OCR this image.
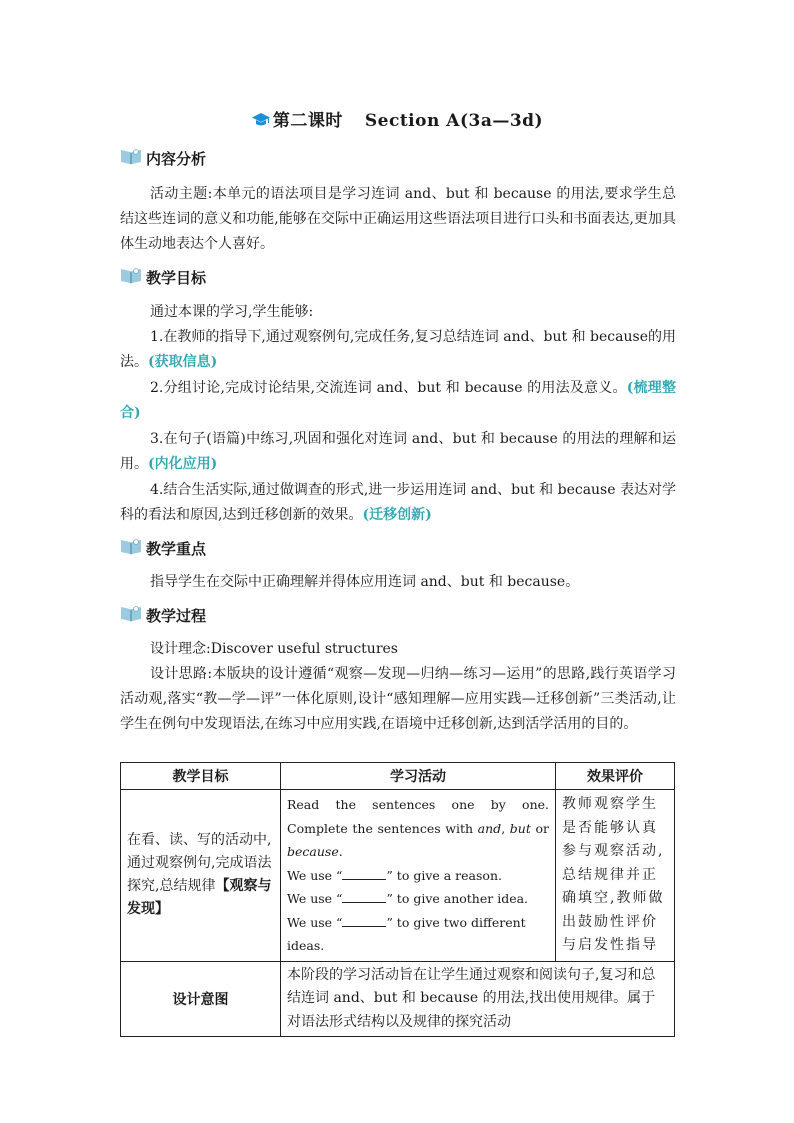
第二课时 Section A(3a—3d)
内容分析

活动主题:本单元的语法项目是学习连词 and、but 和 because 的用法,要求学生总结这些连词的意义和功能,能够在交际中正确运用这些语法项目进行口头和书面表达,更加具体生动地表达个人喜好。

教学目标

通过本课的学习,学生能够:

1.在教师的指导下,通过观察例句,完成任务,复习总结连词 and、but 和 because的用法。(获取信息)

2.分组讨论,完成讨论结果,交流连词 and、but 和 because 的用法及意义。(梳理整合)

3.在句子(语篇)中练习,巩固和强化对连词 and、but 和 because 的用法的理解和运用。(内化应用)

4.结合生活实际,通过做调查的形式,进一步运用连词 and、but 和 because 表达对学科的看法和原因,达到迁移创新的效果。(迁移创新)

教学重点

指导学生在交际中正确理解并得体应用连词 and、but 和 because。

教学过程

设计理念:Discover useful structures

设计思路:本版块的设计遵循“观察—发现—归纳—练习—运用”的思路,践行英语学习活动观,落实“教—学—评”一体化原则,设计“感知理解—应用实践—迁移创新”三类活动,让学生在例句中发现语法,在练习中应用实践,在语境中迁移创新,达到活学活用的目的。

教学目标	学习活动	效果评价
在看、读、写的活动中,通过观察例句,完成语法探究,总结规律【观察与发现】	Read the sentences one by one. Complete the sentences with and, but or because.
We use “ ” to give a reason.
We use “ ” to give another idea.
We use “ ” to give two different ideas.	教师观察学生是否能够认真参与观察活动,总结规律并正确填空,教师做出鼓励性评价与启发性指导
设计意图	本阶段的学习活动旨在让学生通过观察和阅读句子,复习和总结连词 and、but 和 because 的用法,找出使用规律。属于对语法形式结构以及规律的探究活动	
